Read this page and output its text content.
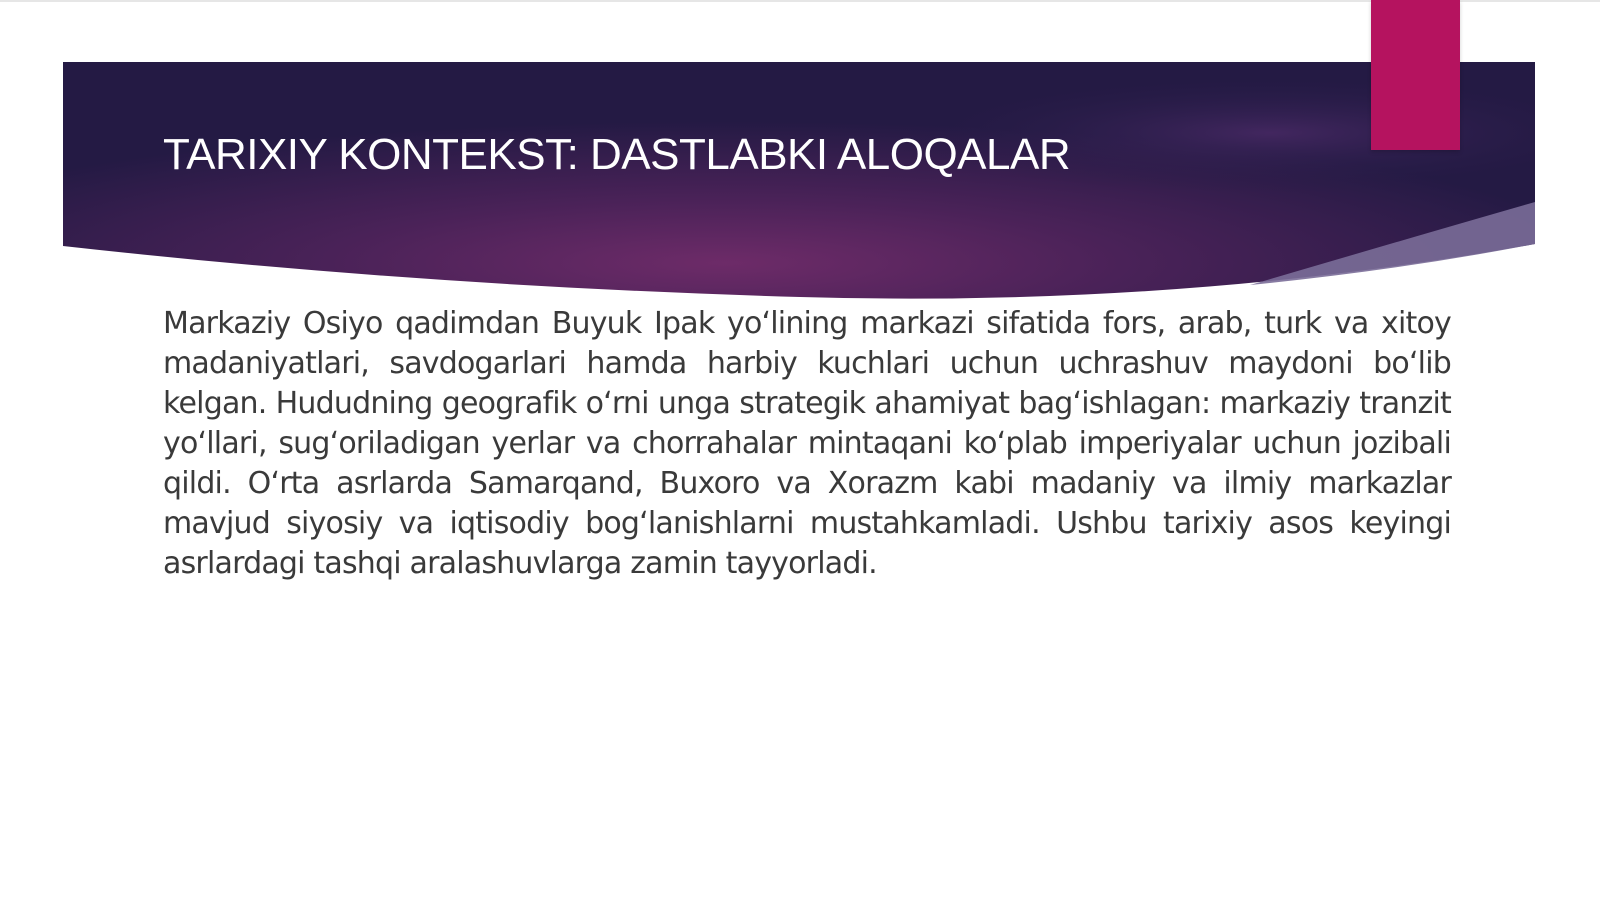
TARIXIY KONTEKST: DASTLABKI ALOQALAR

Markaziy Osiyo qadimdan Buyuk Ipak yoʻlining markazi sifatida fors, arab, turk va xitoy madaniyatlari, savdogarlari hamda harbiy kuchlari uchun uchrashuv maydoni boʻlib kelgan. Hududning geografik oʻrni unga strategik ahamiyat bagʻishlagan: markaziy tranzit yoʻllari, sugʻoriladigan yerlar va chorrahalar mintaqani koʻplab imperiyalar uchun jozibali qildi. Oʻrta asrlarda Samarqand, Buxoro va Xorazm kabi madaniy va ilmiy markazlar mavjud siyosiy va iqtisodiy bogʻlanishlarni mustahkamladi. Ushbu tarixiy asos keyingi asrlardagi tashqi aralashuvlarga zamin tayyorladi.
